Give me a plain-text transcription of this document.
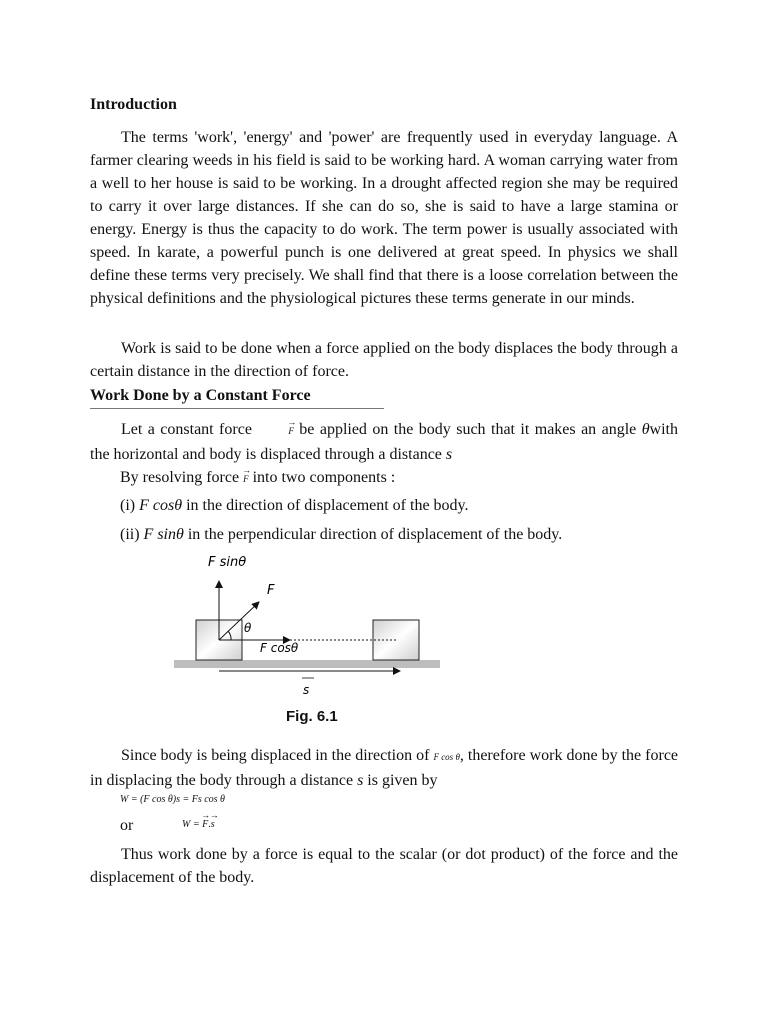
Introduction
The terms 'work', 'energy' and 'power' are frequently used in everyday language. A farmer clearing weeds in his field is said to be working hard. A woman carrying water from a well to her house is said to be working. In a drought affected region she may be required to carry it over large distances. If she can do so, she is said to have a large stamina or energy. Energy is thus the capacity to do work. The term power is usually associated with speed. In karate, a powerful punch is one delivered at great speed. In physics we shall define these terms very precisely. We shall find that there is a loose correlation between the physical definitions and the physiological pictures these terms generate in our minds.
Work is said to be done when a force applied on the body displaces the body through a certain distance in the direction of force.
Work Done by a Constant Force
Let a constant force	F → be applied on the body such that it makes an angle θwith the horizontal and body is displaced through a distance s
By resolving force F → into two components :
(i) F cosθ in the direction of displacement of the body.
(ii) F sinθ in the perpendicular direction of displacement of the body.
F sinθ
F
θ
F cosθ
s
Fig. 6.1
Since body is being displaced in the direction of F cos θ, therefore work done by the force in displacing the body through a distance s is given by
W = (F cos θ)s = Fs cos θ
or	W = F →.s →
Thus work done by a force is equal to the scalar (or dot product) of the force and the displacement of the body.
